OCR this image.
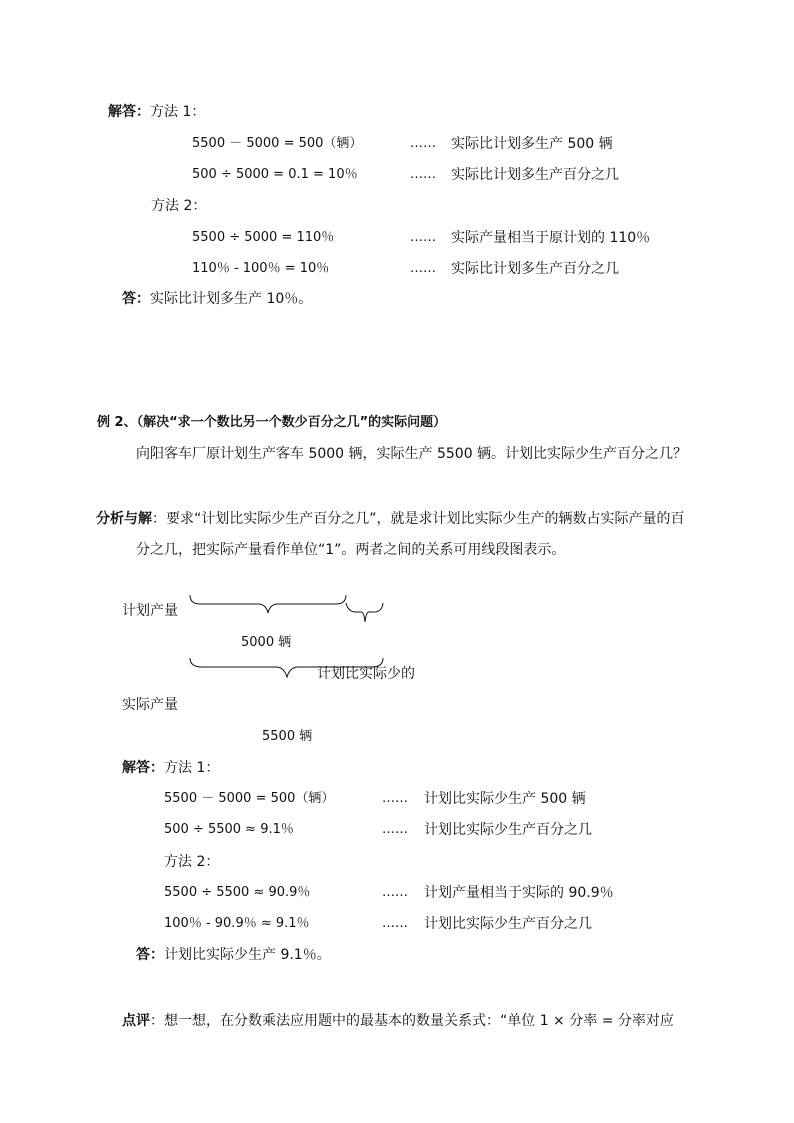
解答：方法 1：
5500 － 5000 = 500（辆）	…… 实际比计划多生产 500 辆
500 ÷ 5000 = 0.1 = 10％	…… 实际比计划多生产百分之几
方法 2：
5500 ÷ 5000 = 110％	…… 实际产量相当于原计划的 110％
110％ - 100％ = 10％	…… 实际比计划多生产百分之几
答：实际比计划多生产 10％。
例 2、（解决“求一个数比另一个数少百分之几”的实际问题）
向阳客车厂原计划生产客车 5000 辆，实际生产 5500 辆。计划比实际少生产百分之几？
分析与解：要求“计划比实际少生产百分之几”，就是求计划比实际少生产的辆数占实际产量的百
分之几，把实际产量看作单位“1”。两者之间的关系可用线段图表示。
计划产量
5000 辆
计划比实际少的
实际产量
5500 辆
解答：方法 1：
5500 － 5000 = 500（辆）	…… 计划比实际少生产 500 辆
500 ÷ 5500 ≈ 9.1％	…… 计划比实际少生产百分之几
方法 2：
5500 ÷ 5500 ≈ 90.9％	…… 计划产量相当于实际的 90.9％
100％ - 90.9％ ≈ 9.1％	…… 计划比实际少生产百分之几
答：计划比实际少生产 9.1％。
点评：想一想，在分数乘法应用题中的最基本的数量关系式：“单位 1 × 分率 = 分率对应
